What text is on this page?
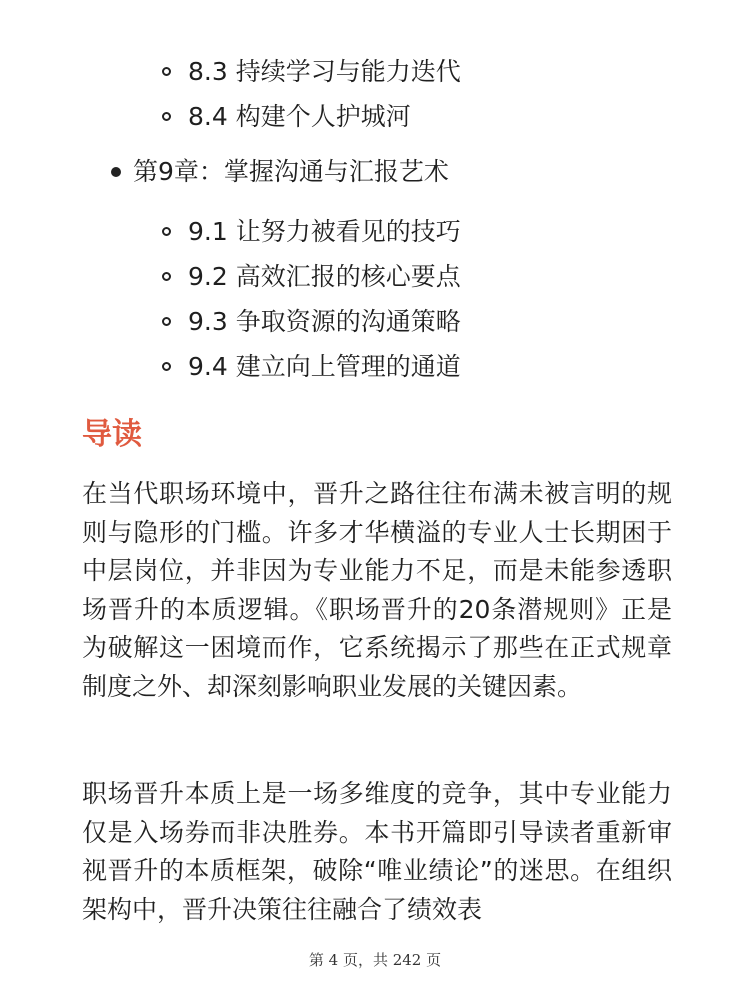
8.3 持续学习与能力迭代
8.4 构建个人护城河
第9章：掌握沟通与汇报艺术
9.1 让努力被看见的技巧
9.2 高效汇报的核心要点
9.3 争取资源的沟通策略
9.4 建立向上管理的通道
导读

在当代职场环境中，晋升之路往往布满未被言明的规则与隐形的门槛。许多才华横溢的专业人士长期困于中层岗位，并非因为专业能力不足，而是未能参透职场晋升的本质逻辑。《职场晋升的20条潜规则》正是为破解这一困境而作，它系统揭示了那些在正式规章制度之外、却深刻影响职业发展的关键因素。

职场晋升本质上是一场多维度的竞争，其中专业能力仅是入场券而非决胜券。本书开篇即引导读者重新审视晋升的本质框架，破除“唯业绩论”的迷思。在组织架构中，晋升决策往往融合了绩效表

第 4 页，共 242 页
